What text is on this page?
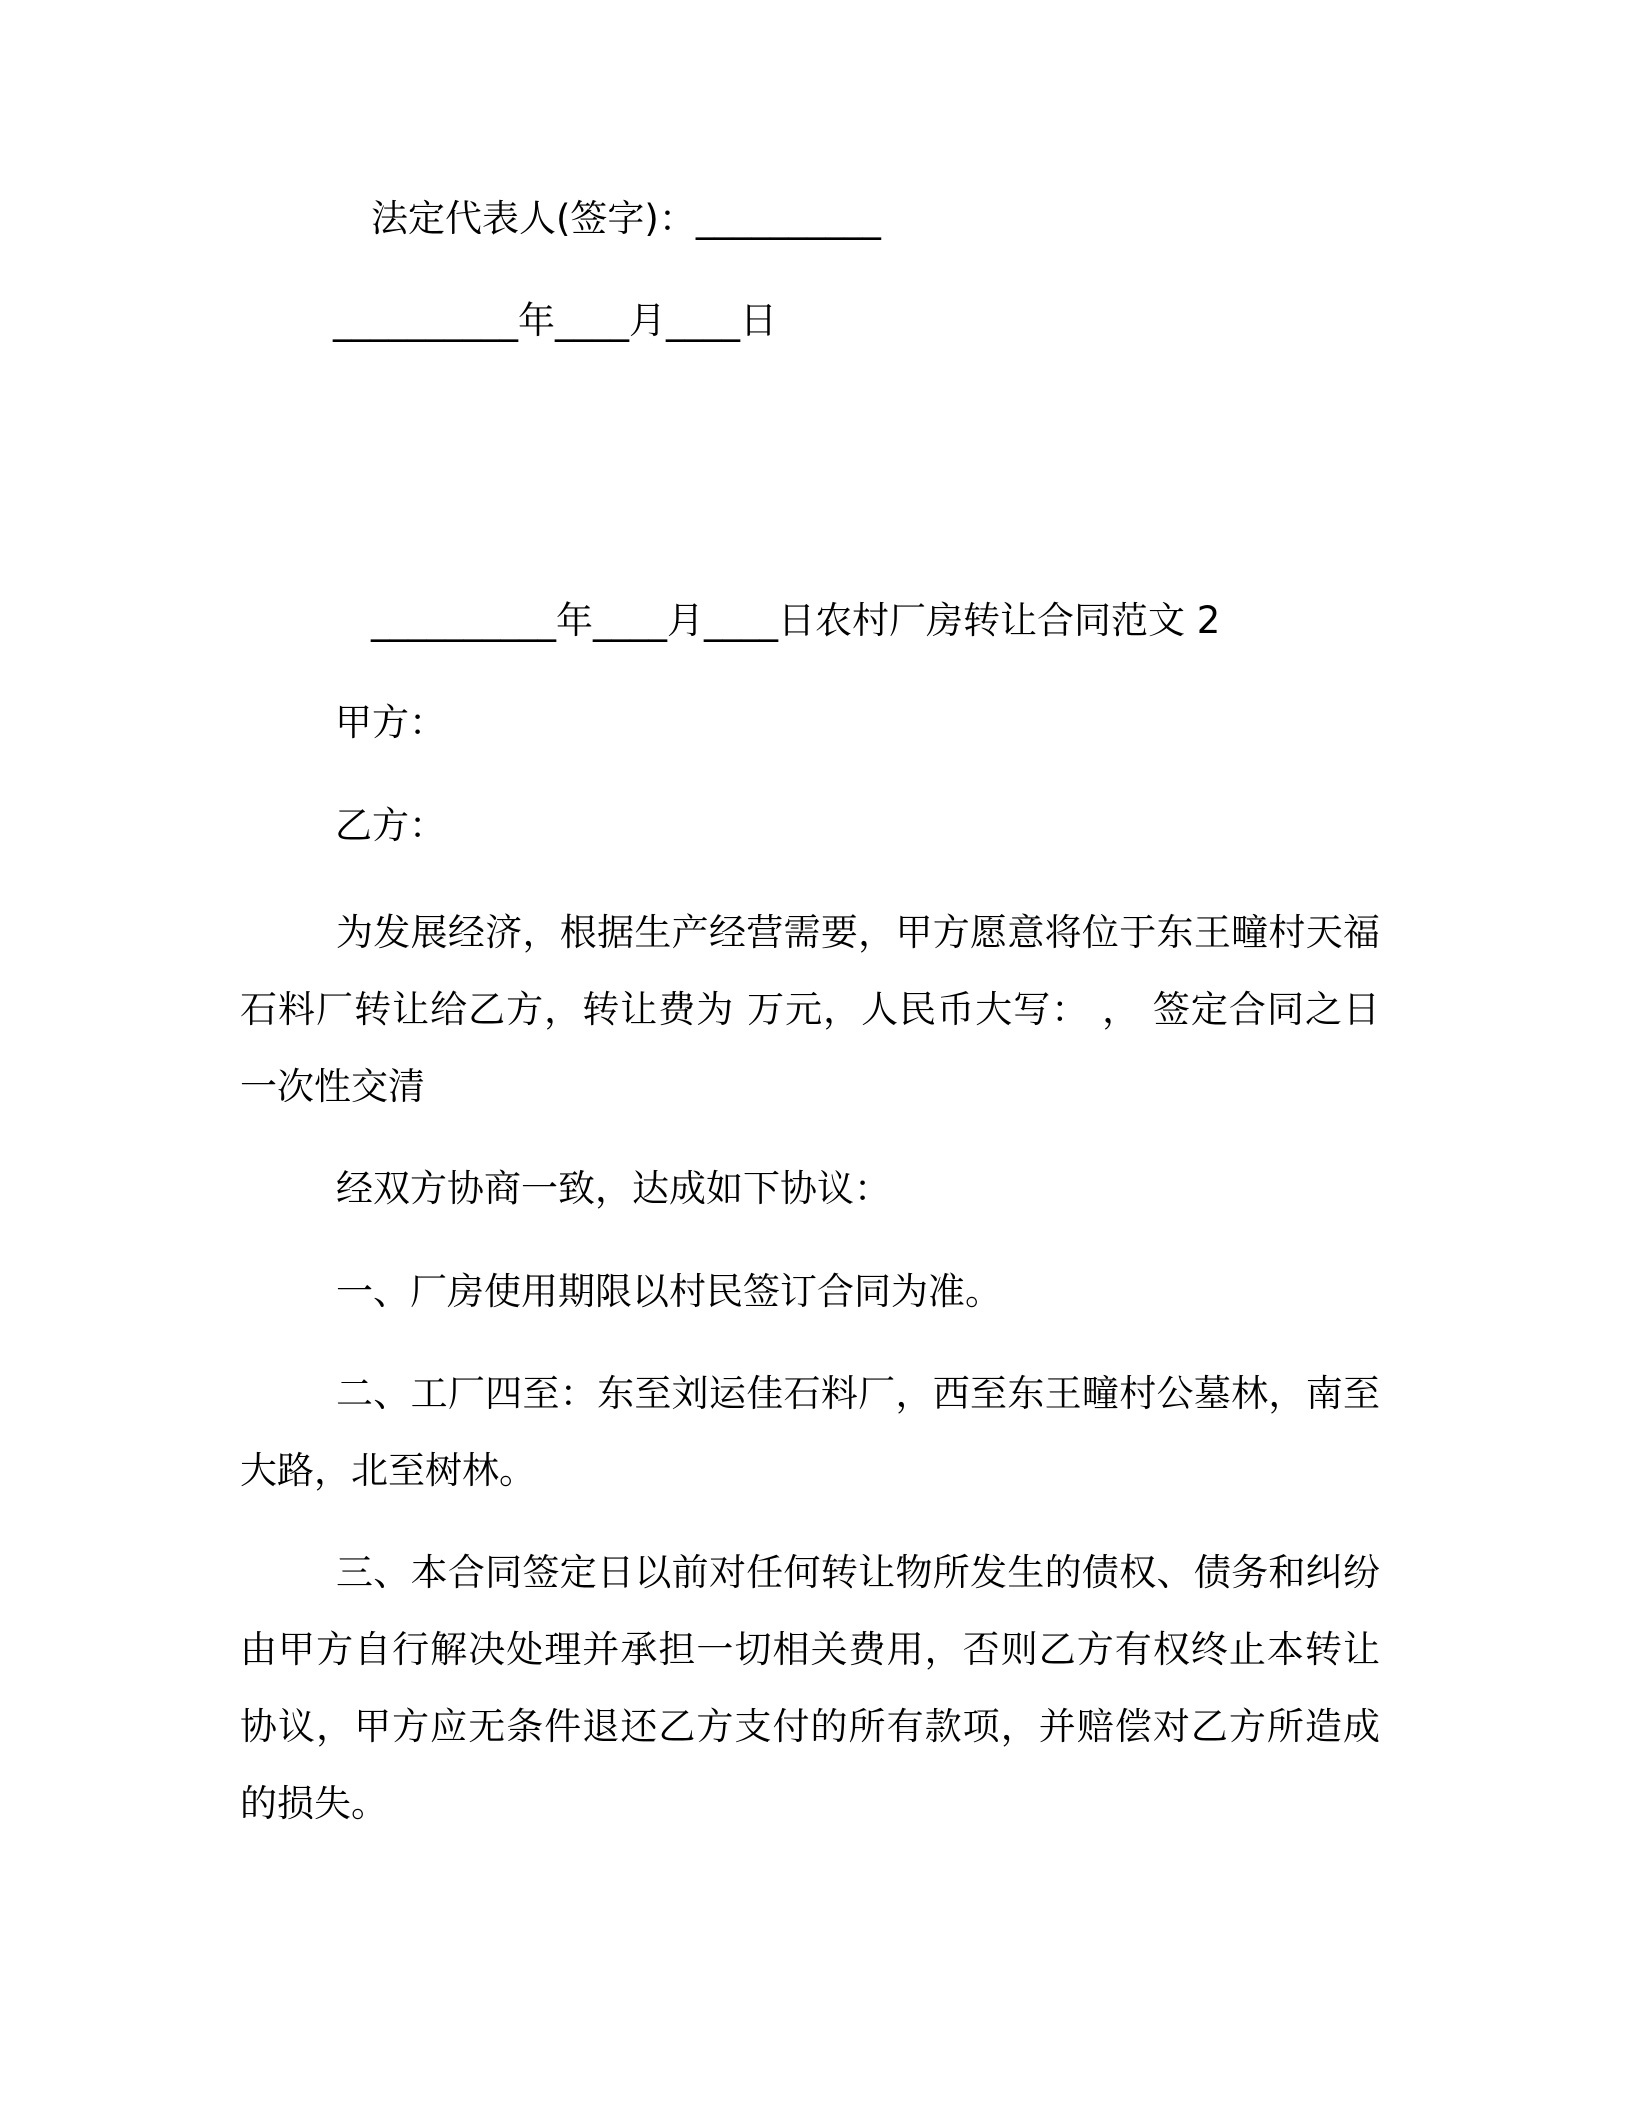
法定代表人(签字)：__________
__________年____月____日
__________年____月____日农村厂房转让合同范文 2
甲方：
乙方：
为发展经济，根据生产经营需要，甲方愿意将位于东王疃村天福石料厂转让给乙方，转让费为 万元，人民币大写： ， 签定合同之日一次性交清
经双方协商一致，达成如下协议：
一、厂房使用期限以村民签订合同为准。
二、工厂四至：东至刘运佳石料厂，西至东王疃村公墓林，南至大路，北至树林。
三、本合同签定日以前对任何转让物所发生的债权、债务和纠纷由甲方自行解决处理并承担一切相关费用，否则乙方有权终止本转让协议，甲方应无条件退还乙方支付的所有款项，并赔偿对乙方所造成的损失。
